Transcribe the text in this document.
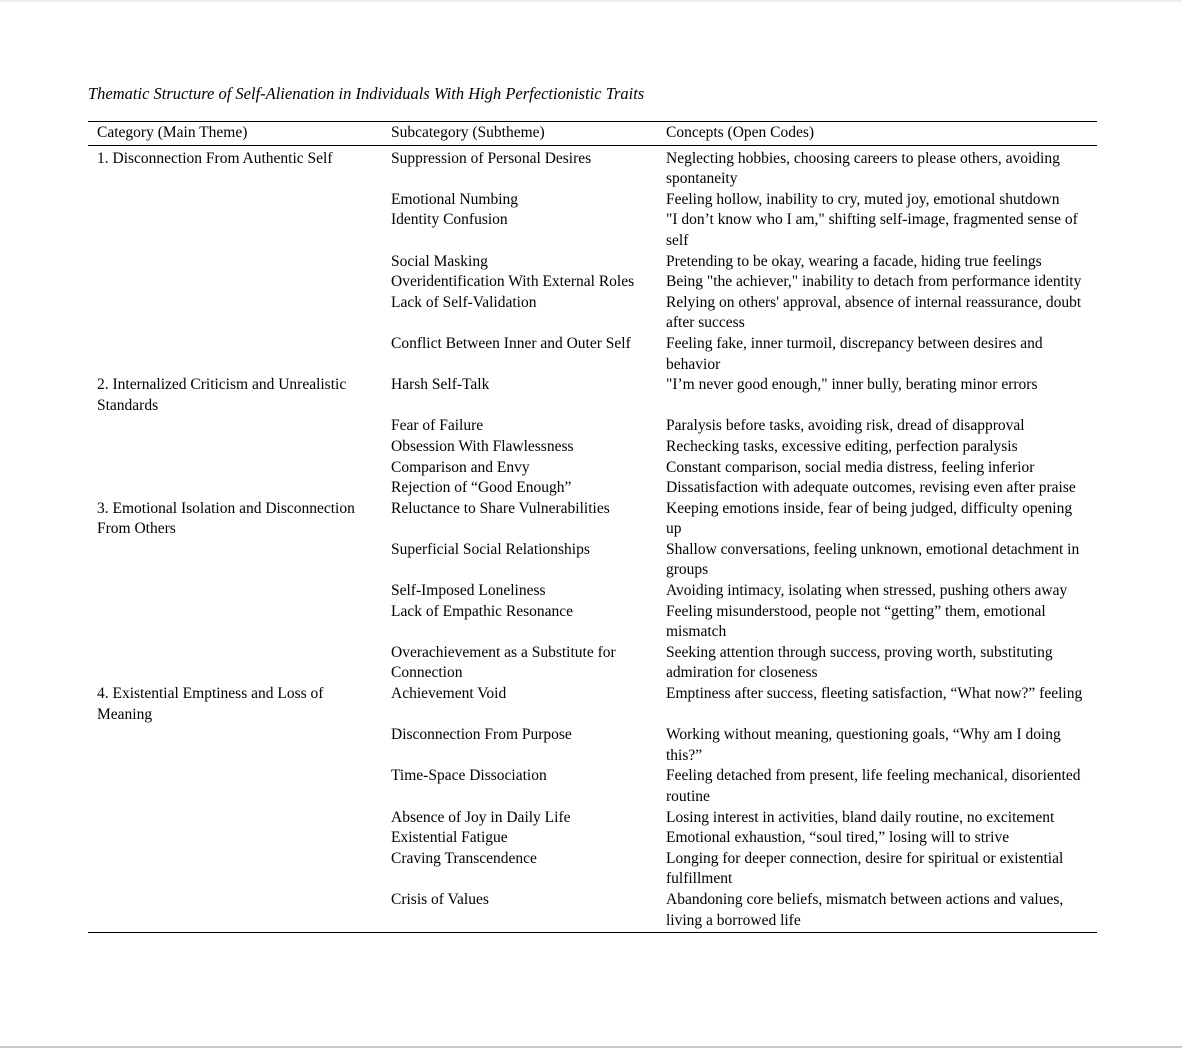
Thematic Structure of Self-Alienation in Individuals With High Perfectionistic Traits

Category (Main Theme)	Subcategory (Subtheme)	Concepts (Open Codes)
1. Disconnection From Authentic Self	Suppression of Personal Desires	Neglecting hobbies, choosing careers to please others, avoiding spontaneity
	Emotional Numbing	Feeling hollow, inability to cry, muted joy, emotional shutdown
	Identity Confusion	"I don’t know who I am," shifting self-image, fragmented sense of self
	Social Masking	Pretending to be okay, wearing a facade, hiding true feelings
	Overidentification With External Roles	Being "the achiever," inability to detach from performance identity
	Lack of Self-Validation	Relying on others' approval, absence of internal reassurance, doubt after success
	Conflict Between Inner and Outer Self	Feeling fake, inner turmoil, discrepancy between desires and behavior
2. Internalized Criticism and Unrealistic Standards	Harsh Self-Talk	"I’m never good enough," inner bully, berating minor errors
	Fear of Failure	Paralysis before tasks, avoiding risk, dread of disapproval
	Obsession With Flawlessness	Rechecking tasks, excessive editing, perfection paralysis
	Comparison and Envy	Constant comparison, social media distress, feeling inferior
	Rejection of “Good Enough”	Dissatisfaction with adequate outcomes, revising even after praise
3. Emotional Isolation and Disconnection From Others	Reluctance to Share Vulnerabilities	Keeping emotions inside, fear of being judged, difficulty opening up
	Superficial Social Relationships	Shallow conversations, feeling unknown, emotional detachment in groups
	Self-Imposed Loneliness	Avoiding intimacy, isolating when stressed, pushing others away
	Lack of Empathic Resonance	Feeling misunderstood, people not “getting” them, emotional mismatch
	Overachievement as a Substitute for Connection	Seeking attention through success, proving worth, substituting admiration for closeness
4. Existential Emptiness and Loss of Meaning	Achievement Void	Emptiness after success, fleeting satisfaction, “What now?” feeling
	Disconnection From Purpose	Working without meaning, questioning goals, “Why am I doing this?”
	Time-Space Dissociation	Feeling detached from present, life feeling mechanical, disoriented routine
	Absence of Joy in Daily Life	Losing interest in activities, bland daily routine, no excitement
	Existential Fatigue	Emotional exhaustion, “soul tired,” losing will to strive
	Craving Transcendence	Longing for deeper connection, desire for spiritual or existential fulfillment
	Crisis of Values	Abandoning core beliefs, mismatch between actions and values, living a borrowed life
